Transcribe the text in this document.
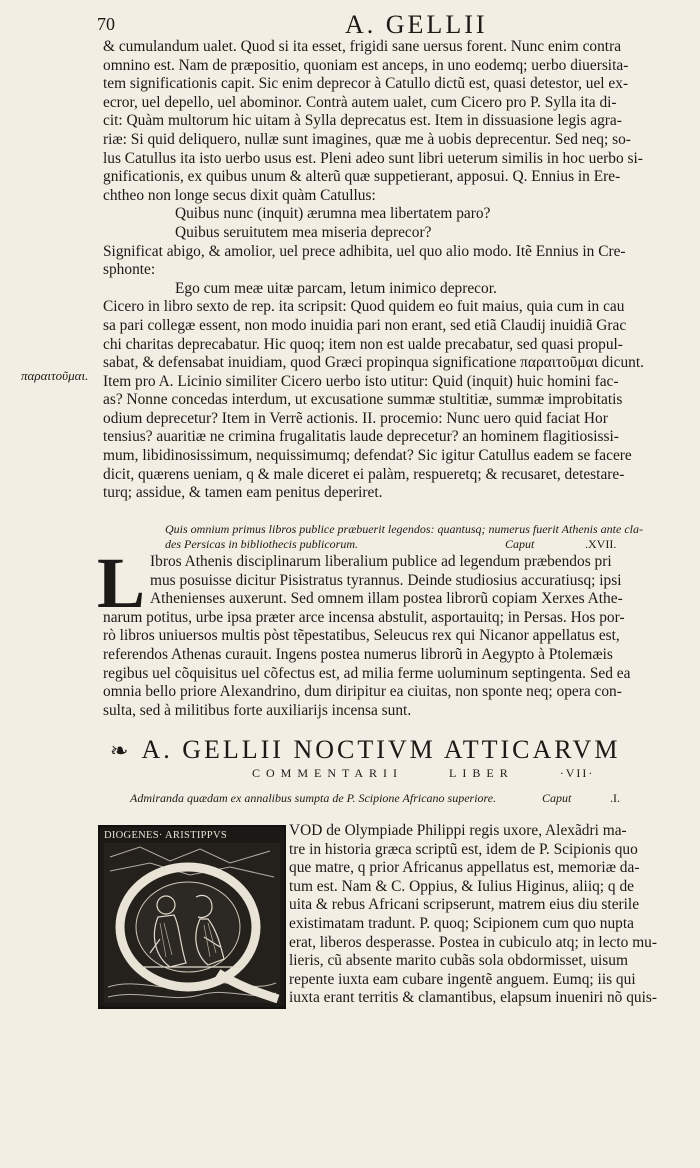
70	A. GELLII
παραιτοῦμαι.
& cumulandum ualet. Quod si ita esset, frigidi sane uersus forent. Nunc enim contra
omnino est. Nam de præpositio, quoniam est anceps, in uno eodemq; uerbo diuersita-
tem significationis capit. Sic enim deprecor à Catullo dictũ est, quasi detestor, uel ex-
ecror, uel depello, uel abominor. Contrà autem ualet, cum Cicero pro P. Sylla ita di-
cit: Quàm multorum hic uitam à Sylla deprecatus est. Item in dissuasione legis agra-
riæ: Si quid deliquero, nullæ sunt imagines, quæ me à uobis deprecentur. Sed neq; so-
lus Catullus ita isto uerbo usus est. Pleni adeo sunt libri ueterum similis in hoc uerbo si-
gnificationis, ex quibus unum & alterũ quæ suppetierant, apposui. Q. Ennius in Ere-
chtheo non longe secus dixit quàm Catullus:
Quibus nunc (inquit) ærumna mea libertatem paro?
Quibus seruitutem mea miseria deprecor?
Significat abigo, & amolior, uel prece adhibita, uel quo alio modo. Itẽ Ennius in Cre-
sphonte:
Ego cum meæ uitæ parcam, letum inimico deprecor.
Cicero in libro sexto de rep. ita scripsit: Quod quidem eo fuit maius, quia cum in cau
sa pari collegæ essent, non modo inuidia pari non erant, sed etiã Claudij inuidiã Grac
chi charitas deprecabatur. Hic quoq; item non est ualde precabatur, sed quasi propul-
sabat, & defensabat inuidiam, quod Græci propinqua significatione παραιτοῦμαι dicunt.
Item pro A. Licinio similiter Cicero uerbo isto utitur: Quid (inquit) huic homini fac-
as? Nonne concedas interdum, ut excusatione summæ stultitiæ, summæ improbitatis
odium deprecetur? Item in Verrẽ actionis. II. procemio: Nunc uero quid faciat Hor
tensius? auaritiæ ne crimina frugalitatis laude deprecetur? an hominem flagitiosissi-
mum, libidinosissimum, nequissimumq; defendat? Sic igitur Catullus eadem se facere
dicit, quærens ueniam, q & male diceret ei palàm, respueretq; & recusaret, detestare-
turq; assidue, & tamen eam penitus deperiret.
Quis omnium primus libros publice præbuerit legendos: quantusq; numerus fuerit Athenis ante cla-
des Persicas in bibliothecis publicorum.	Caput	.XVII.
L Ibros Athenis disciplinarum liberalium publice ad legendum præbendos pri
mus posuisse dicitur Pisistratus tyrannus. Deinde studiosius accuratiusq; ipsi
Athenienses auxerunt. Sed omnem illam postea librorũ copiam Xerxes Athe-
narum potitus, urbe ipsa præter arce incensa abstulit, asportauitq; in Persas. Hos por-
rò libros uniuersos multis pòst tẽpestatibus, Seleucus rex qui Nicanor appellatus est,
referendos Athenas curauit. Ingens postea numerus librorũ in Aegypto à Ptolemæis
regibus uel cõquisitus uel cõfectus est, ad milia ferme uoluminum septingenta. Sed ea
omnia bello priore Alexandrino, dum diripitur ea ciuitas, non sponte neq; opera con-
sulta, sed à militibus forte auxiliarijs incensa sunt.
❧ A. GELLII NOCTIVM ATTICARVM
COMMENTARII	LIBER	·VII·
Admiranda quædam ex annalibus sumpta de P. Scipione Africano superiore.	Caput	.I.
DIOGENES· ARISTIPPVS	VOD de Olympiade Philippi regis uxore, Alexãdri ma-
tre in historia græca scriptũ est, idem de P. Scipionis quo
que matre, q prior Africanus appellatus est, memoriæ da-
tum est. Nam & C. Oppius, & Iulius Higinus, aliiq; q de
uita & rebus Africani scripserunt, matrem eius diu sterile
existimatam tradunt. P. quoq; Scipionem cum quo nupta
erat, liberos desperasse. Postea in cubiculo atq; in lecto mu-
lieris, cũ absente marito cubãs sola obdormisset, uisum
repente iuxta eam cubare ingentẽ anguem. Eumq; iis qui
iuxta erant territis & clamantibus, elapsum inueniri nõ quis-
